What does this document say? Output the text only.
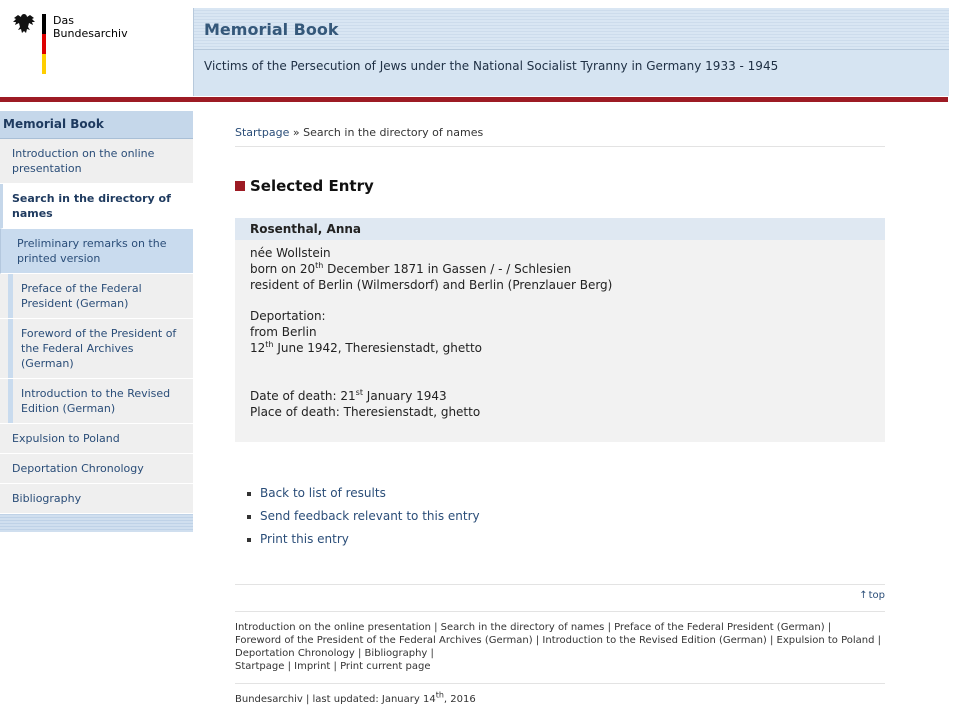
Das
Bundesarchiv	Memorial Book
Victims of the Persecution of Jews under the National Socialist Tyranny in Germany 1933 - 1945
Memorial Book
Introduction on the online presentation
Search in the directory of names
Preliminary remarks on the printed version
Preface of the Federal President (German)
Foreword of the President of the Federal Archives (German)
Introduction to the Revised Edition (German)
Expulsion to Poland
Deportation Chronology
Bibliography
Startpage » Search in the directory of names
Selected Entry
Rosenthal, Anna

née Wollstein

born on 20th December 1871 in Gassen / - / Schlesien

resident of Berlin (Wilmersdorf) and Berlin (Prenzlauer Berg)

Deportation:

from Berlin

12th June 1942, Theresienstadt, ghetto

Date of death: 21st January 1943

Place of death: Theresienstadt, ghetto

Back to list of results
Send feedback relevant to this entry
Print this entry
↑ top
Introduction on the online presentation | Search in the directory of names | Preface of the Federal President (German) |
Foreword of the President of the Federal Archives (German) | Introduction to the Revised Edition (German) | Expulsion to Poland | Deportation Chronology | Bibliography |
Startpage | Imprint | Print current page
Bundesarchiv | last updated: January 14th, 2016
